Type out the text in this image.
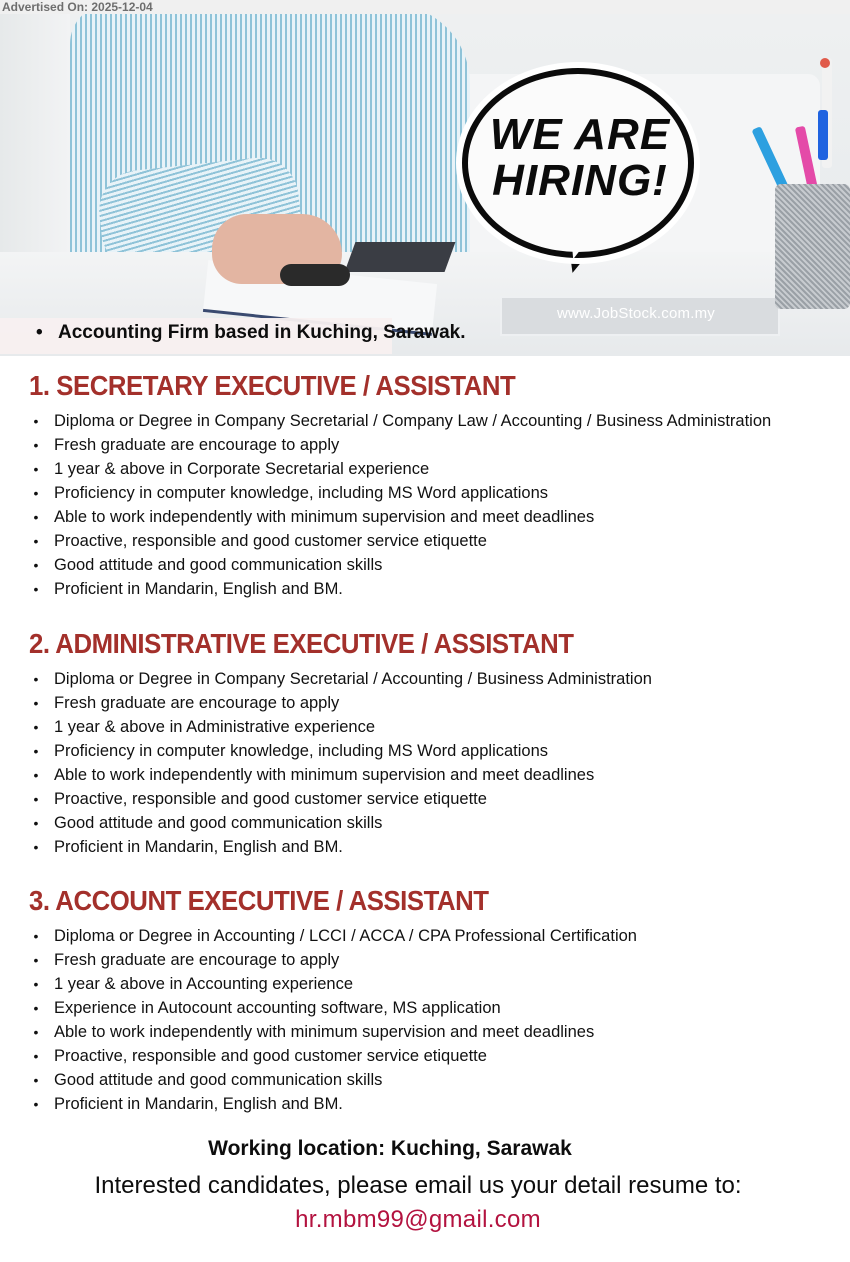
Advertised On: 2025-12-04
WE ARE
HIRING!
www.JobStock.com.my
• Accounting Firm based in Kuching, Sarawak.
1. SECRETARY EXECUTIVE / ASSISTANT
• Diploma or Degree in Company Secretarial / Company Law / Accounting / Business Administration
• Fresh graduate are encourage to apply
• 1 year & above in Corporate Secretarial experience
• Proficiency in computer knowledge, including MS Word applications
• Able to work independently with minimum supervision and meet deadlines
• Proactive, responsible and good customer service etiquette
• Good attitude and good communication skills
• Proficient in Mandarin, English and BM.
2. ADMINISTRATIVE EXECUTIVE / ASSISTANT
• Diploma or Degree in Company Secretarial / Accounting / Business Administration
• Fresh graduate are encourage to apply
• 1 year & above in Administrative experience
• Proficiency in computer knowledge, including MS Word applications
• Able to work independently with minimum supervision and meet deadlines
• Proactive, responsible and good customer service etiquette
• Good attitude and good communication skills
• Proficient in Mandarin, English and BM.
3. ACCOUNT EXECUTIVE / ASSISTANT
• Diploma or Degree in Accounting / LCCI / ACCA / CPA Professional Certification
• Fresh graduate are encourage to apply
• 1 year & above in Accounting experience
• Experience in Autocount accounting software, MS application
• Able to work independently with minimum supervision and meet deadlines
• Proactive, responsible and good customer service etiquette
• Good attitude and good communication skills
• Proficient in Mandarin, English and BM.
Working location: Kuching, Sarawak
Interested candidates, please email us your detail resume to:
hr.mbm99@gmail.com
